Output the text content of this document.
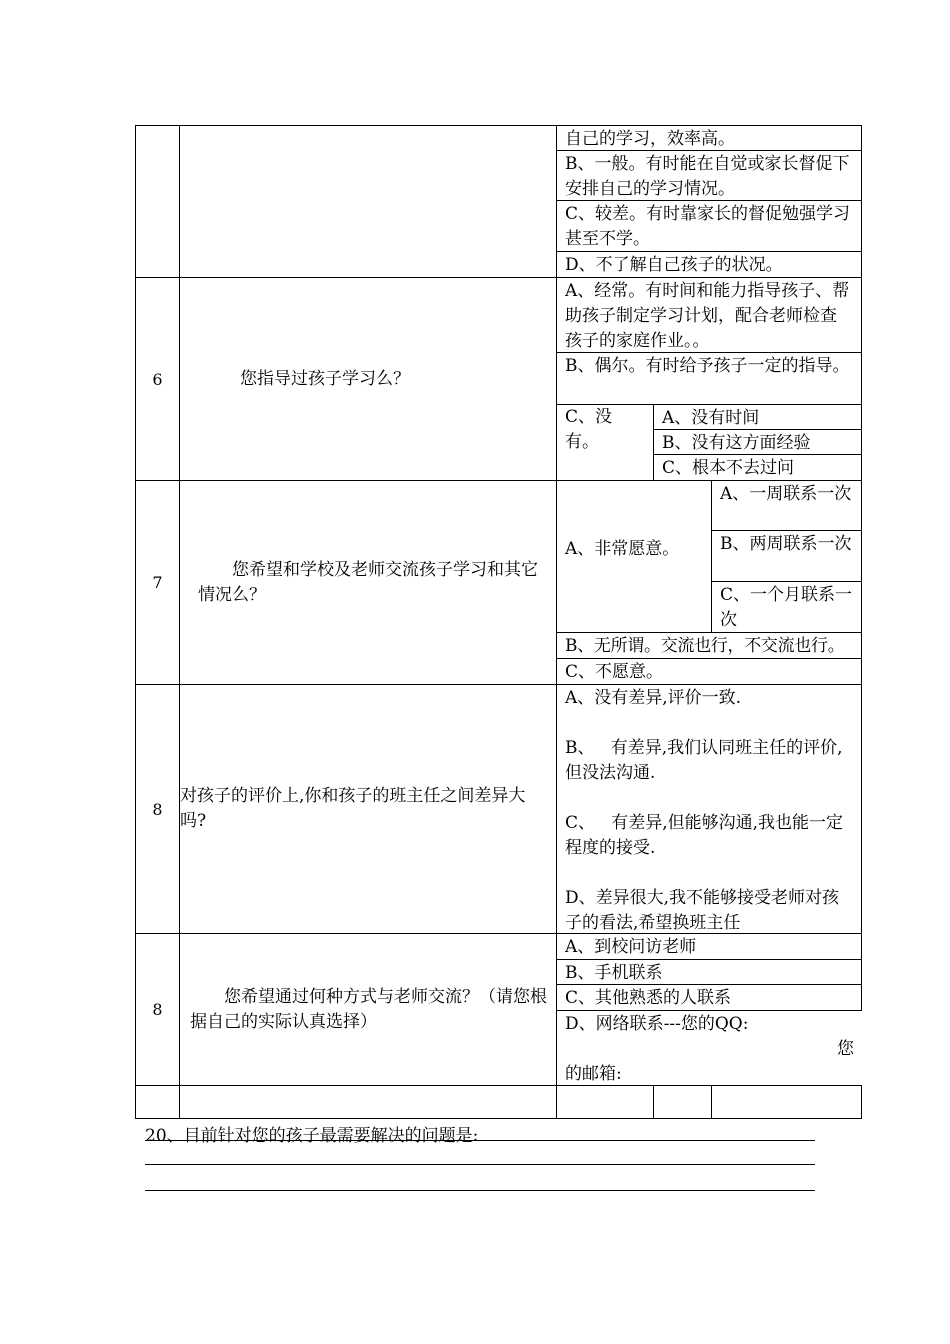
自己的学习，效率高。
B、一般。有时能在自觉或家长督促下安排自己的学习情况。
C、较差。有时靠家长的督促勉强学习甚至不学。
D、不了解自己孩子的状况。
6	您指导过孩子学习么？
A、经常。有时间和能力指导孩子、帮助孩子制定学习计划，配合老师检查孩子的家庭作业。。
B、偶尔。有时给予孩子一定的指导。
C、没有。
A、没有时间
B、没有这方面经验
C、根本不去过问
7
您希望和学校及老师交流孩子学习和其它情况么？
A、非常愿意。
A、一周联系一次
B、两周联系一次
C、一个月联系一次
B、无所谓。交流也行，不交流也行。
C、不愿意。
8
对孩子的评价上,你和孩子的班主任之间差异大吗?
A、没有差异,评价一致.
B、   有差异,我们认同班主任的评价,但没法沟通.
C、   有差异,但能够沟通,我也能一定程度的接受.
D、差异很大,我不能够接受老师对孩子的看法,希望换班主任
8
您希望通过何种方式与老师交流？（请您根据自己的实际认真选择）
A、到校问访老师
B、手机联系
C、其他熟悉的人联系
D、网络联系---您的QQ:
您
的邮箱:
20、目前针对您的孩子最需要解决的问题是:
